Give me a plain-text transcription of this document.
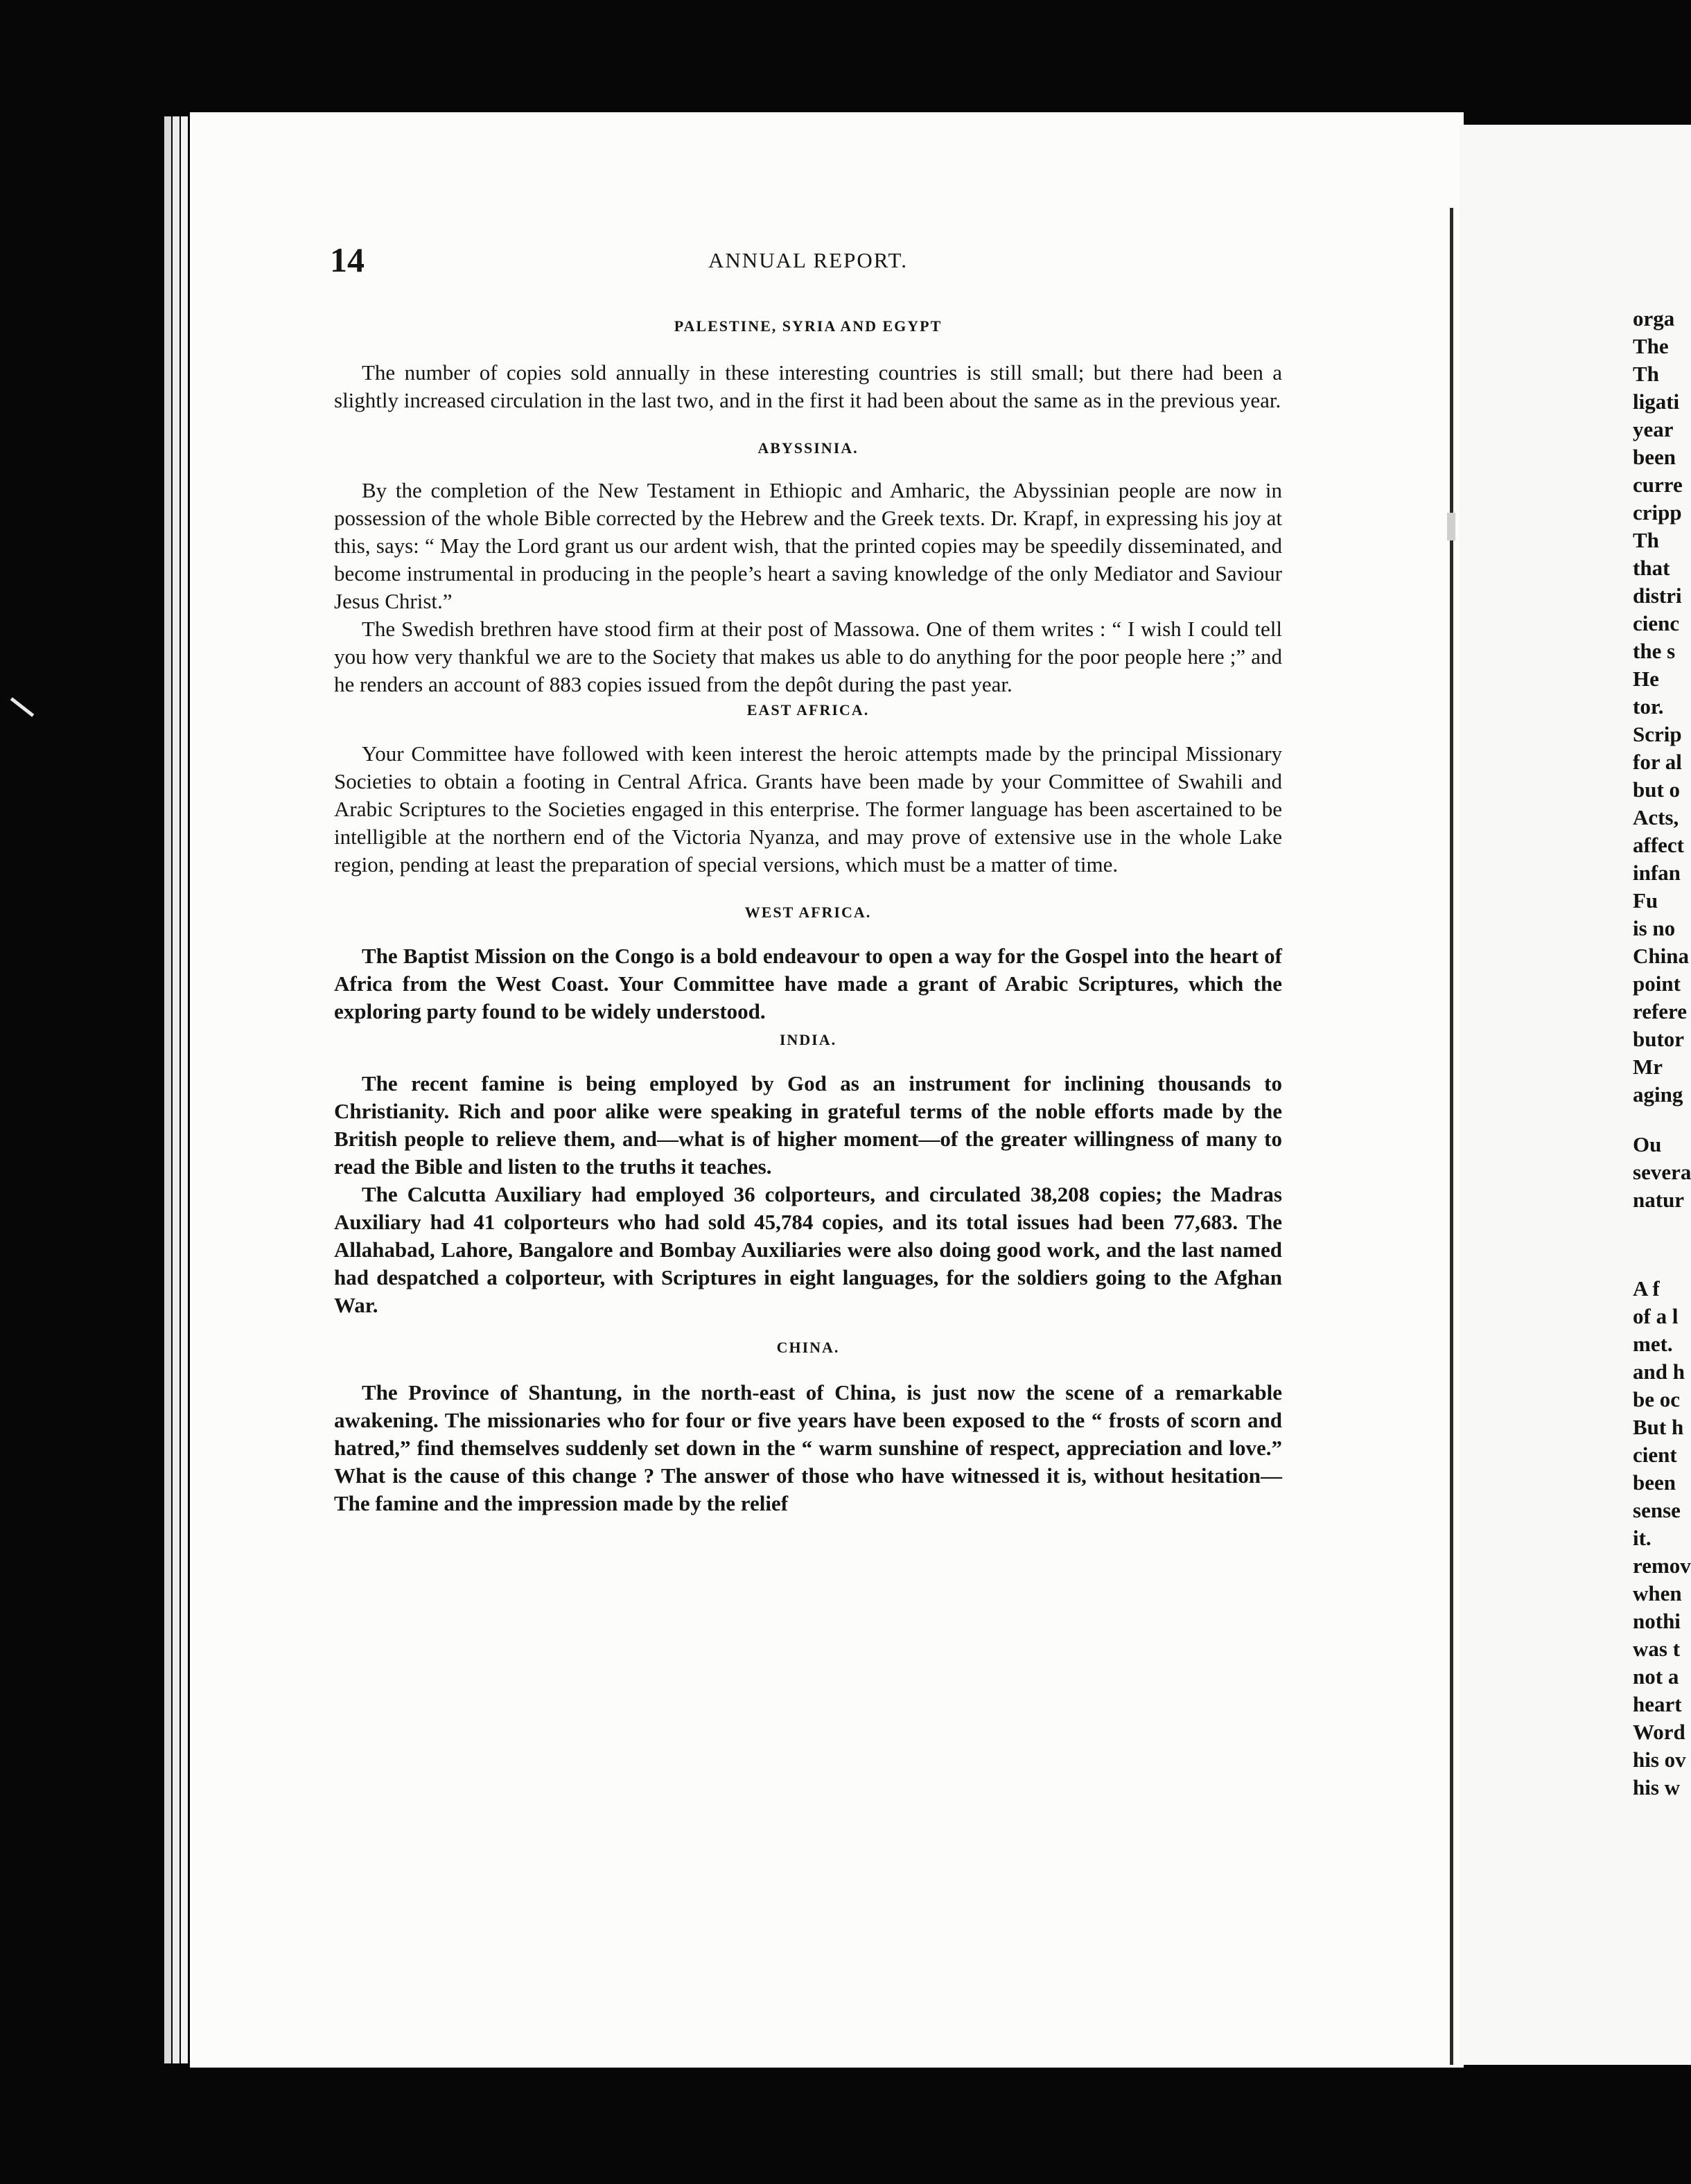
14	ANNUAL REPORT.
PALESTINE, SYRIA AND EGYPT

The number of copies sold annually in these interesting countries is still small; but there had been a slightly increased circulation in the last two, and in the first it had been about the same as in the previous year.

ABYSSINIA.

By the completion of the New Testament in Ethiopic and Amharic, the Abyssinian people are now in possession of the whole Bible corrected by the Hebrew and the Greek texts. Dr. Krapf, in expressing his joy at this, says: “ May the Lord grant us our ardent wish, that the printed copies may be speedily disseminated, and become instrumental in producing in the people’s heart a saving knowledge of the only Mediator and Saviour Jesus Christ.”

The Swedish brethren have stood firm at their post of Massowa. One of them writes : “ I wish I could tell you how very thankful we are to the Society that makes us able to do anything for the poor people here ;” and he renders an account of 883 copies issued from the depôt during the past year.

EAST AFRICA.

Your Committee have followed with keen interest the heroic attempts made by the principal Missionary Societies to obtain a footing in Central Africa. Grants have been made by your Committee of Swahili and Arabic Scriptures to the Societies engaged in this enterprise. The former language has been ascertained to be intelligible at the northern end of the Victoria Nyanza, and may prove of extensive use in the whole Lake region, pending at least the preparation of special versions, which must be a matter of time.

WEST AFRICA.

The Baptist Mission on the Congo is a bold endeavour to open a way for the Gospel into the heart of Africa from the West Coast. Your Committee have made a grant of Arabic Scriptures, which the exploring party found to be widely understood.

INDIA.

The recent famine is being employed by God as an instrument for inclining thousands to Christianity. Rich and poor alike were speaking in grateful terms of the noble efforts made by the British people to relieve them, and—what is of higher moment—of the greater willingness of many to read the Bible and listen to the truths it teaches.

The Calcutta Auxiliary had employed 36 colporteurs, and circulated 38,208 copies; the Madras Auxiliary had 41 colporteurs who had sold 45,784 copies, and its total issues had been 77,683. The Allahabad, Lahore, Bangalore and Bombay Auxiliaries were also doing good work, and the last named had despatched a colporteur, with Scriptures in eight languages, for the soldiers going to the Afghan War.

CHINA.

The Province of Shantung, in the north-east of China, is just now the scene of a remarkable awakening. The missionaries who for four or five years have been exposed to the “ frosts of scorn and hatred,” find themselves suddenly set down in the “ warm sunshine of respect, appreciation and love.” What is the cause of this change ? The answer of those who have witnessed it is, without hesitation—The famine and the impression made by the relief

orga
The
Th
ligati
year
been
curre
cripp
Th
that
distri
cienc
the s
He
tor.
Scrip
for al
but o
Acts,
affect
infan
Fu
is no
China
point
refere
butor
Mr
aging
Ou
severa
natur
A f
of a l
met.
and h
be oc
But h
cient
been
sense
it.
remov
when
nothi
was t
not a
heart
Word
his ov
his w
